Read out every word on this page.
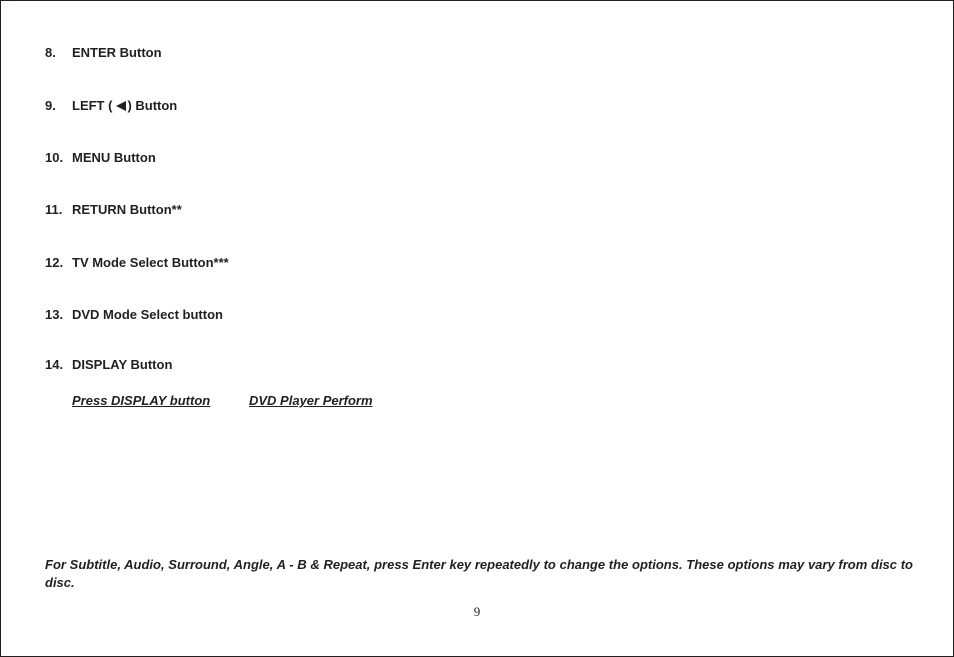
8. ENTER Button
9. LEFT ( ) Button
10. MENU Button
11. RETURN Button**
12. TV Mode Select Button***
13. DVD Mode Select button
14. DISPLAY Button
Press DISPLAY button	DVD Player Perform
For Subtitle, Audio, Surround, Angle, A - B & Repeat, press Enter key repeatedly to change the options. These options may vary from disc to disc.
9
